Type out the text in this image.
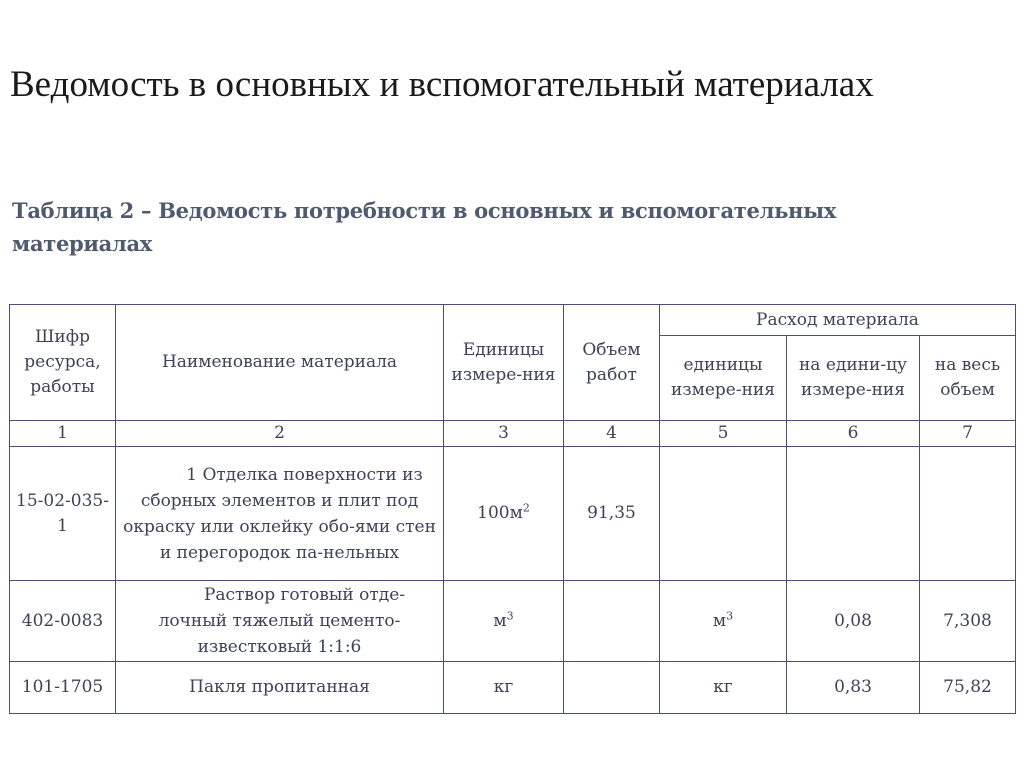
Ведомость в основных и вспомогательный материалах
Таблица 2 – Ведомость потребности в основных и вспомогательных материалах
Шифр ресурса, работы	Наименование материала	Единицы измере-ния	Объем работ	Расход материала		
				единицы измере-ния	на едини-цу измере-ния	на весь объем
1	2	3	4	5	6	7
15-02-035-1	1 Отделка поверхности из сборных элементов и плит под окраску или оклейку обо-ями стен и перегородок па-нельных	$100м^2$	91,35			
402-0083	Раствор готовый отде-лочный тяжелый цементо-известковый 1:1:6	$м^3$		$м^3$	0,08	7,308
101-1705	Пакля пропитанная	кг		кг	0,83	75,82
